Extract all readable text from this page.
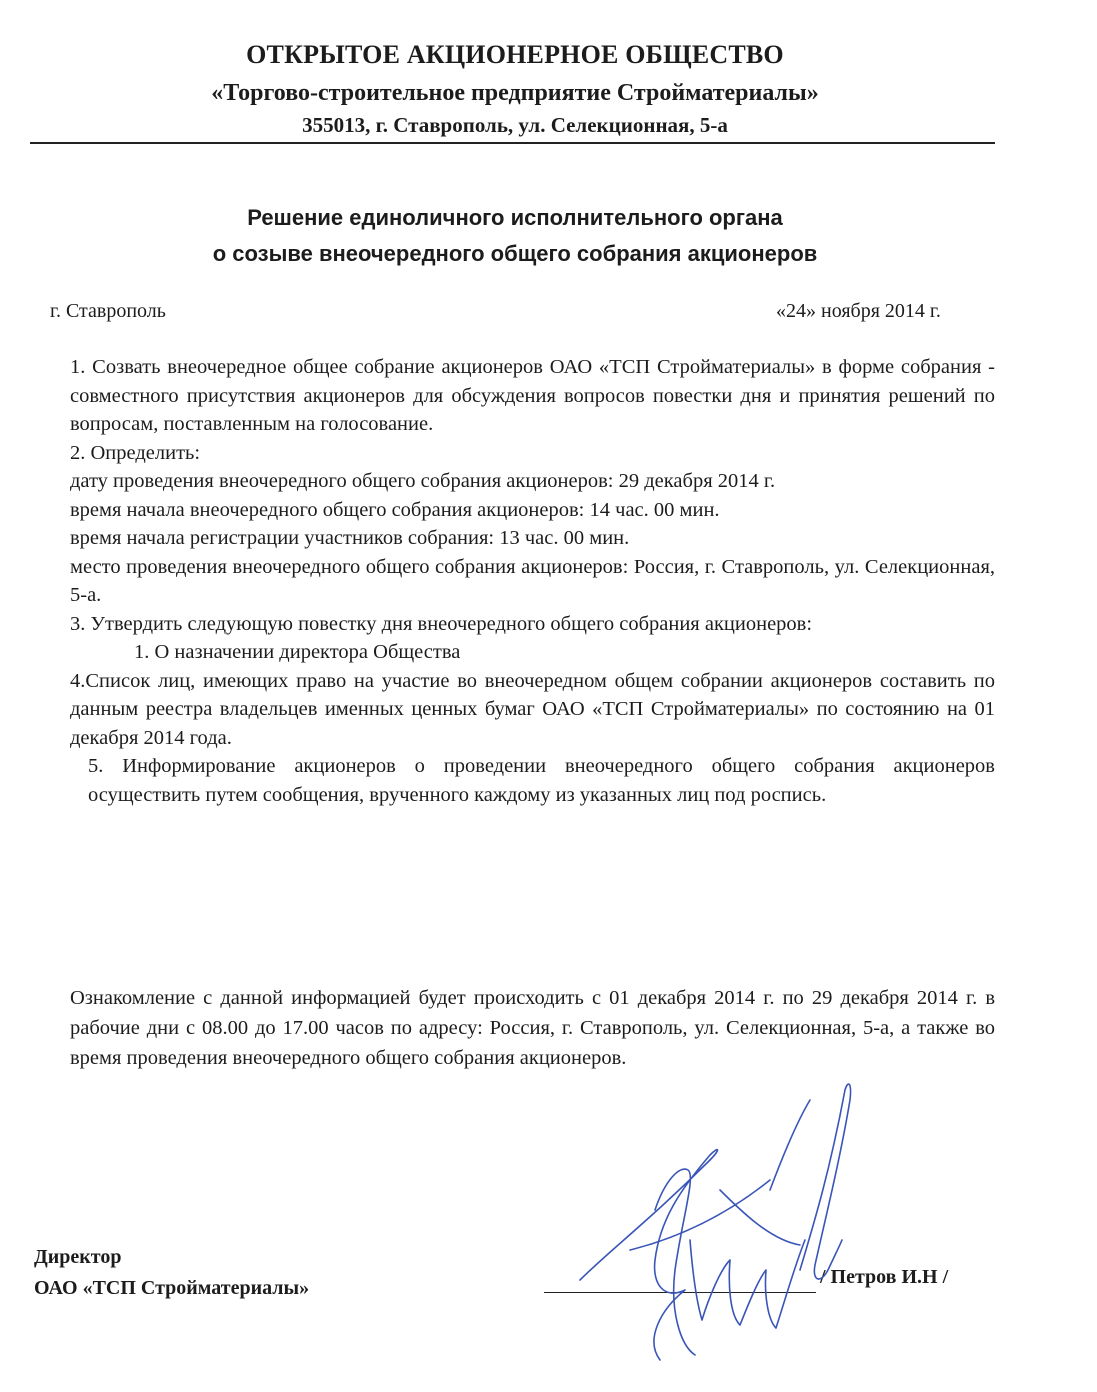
ОТКРЫТОЕ АКЦИОНЕРНОЕ ОБЩЕСТВО
«Торгово-строительное предприятие Стройматериалы»
355013, г. Ставрополь, ул. Селекционная, 5-а
Решение единоличного исполнительного органа
о созыве внеочередного общего собрания акционеров
г. Ставрополь	«24» ноября 2014 г.

1. Созвать внеочередное общее собрание акционеров ОАО «ТСП Стройматериалы» в форме собрания - совместного присутствия акционеров для обсуждения вопросов повестки дня и принятия решений по вопросам, поставленным на голосование.

2. Определить:

дату проведения внеочередного общего собрания акционеров: 29 декабря 2014 г.

время начала внеочередного общего собрания акционеров: 14 час. 00 мин.

время начала регистрации участников собрания: 13 час. 00 мин.

место проведения внеочередного общего собрания акционеров: Россия, г. Ставрополь, ул. Селекционная, 5-а.

3. Утвердить следующую повестку дня внеочередного общего собрания акционеров:

1. О назначении директора Общества

4.Список лиц, имеющих право на участие во внеочередном общем собрании акционеров составить по данным реестра владельцев именных ценных бумаг ОАО «ТСП Стройматериалы» по состоянию на 01 декабря 2014 года.

5. Информирование акционеров о проведении внеочередного общего собрания акционеров осуществить путем сообщения, врученного каждому из указанных лиц под роспись.

Ознакомление с данной информацией будет происходить с 01 декабря 2014 г. по 29 декабря 2014 г. в рабочие дни с 08.00 до 17.00 часов по адресу: Россия, г. Ставрополь, ул. Селекционная, 5-а, а также во время проведения внеочередного общего собрания акционеров.
Директор
ОАО «ТСП Стройматериалы»	/ Петров И.Н /
